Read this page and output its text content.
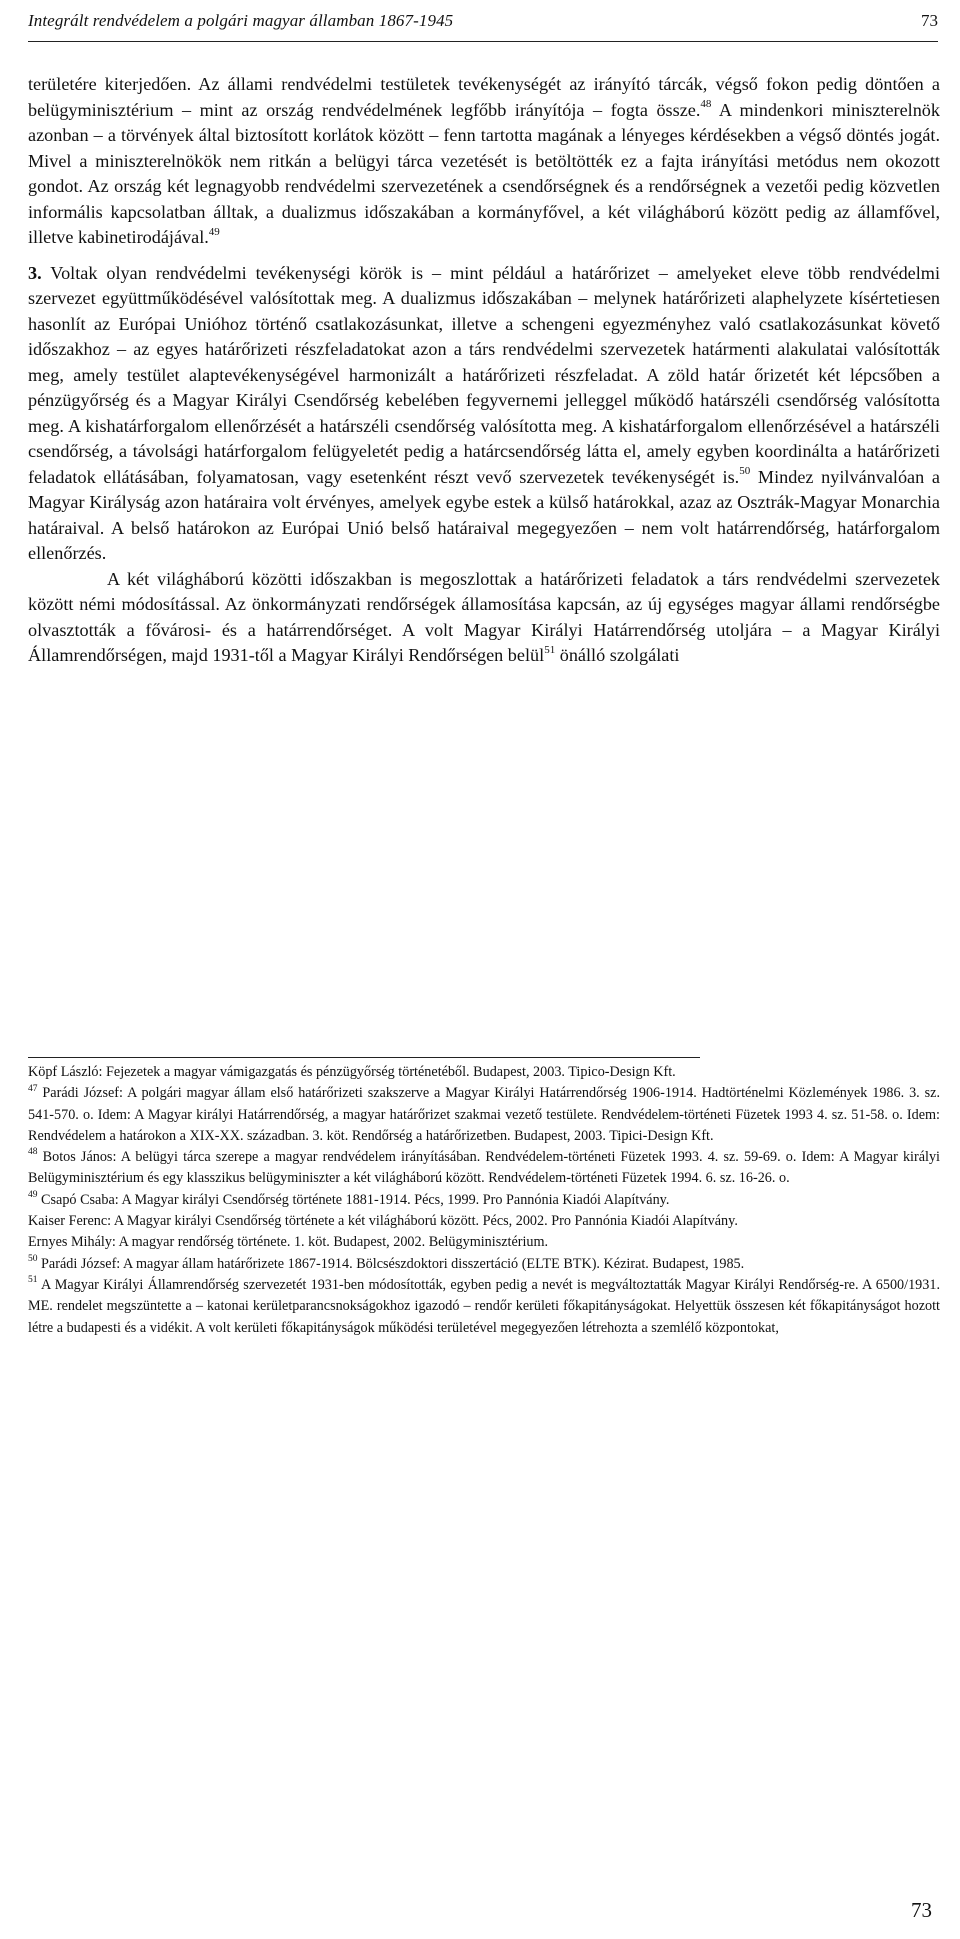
Integrált rendvédelem a polgári magyar államban 1867-1945	73

területére kiterjedően. Az állami rendvédelmi testületek tevékenységét az irányító tárcák, végső fokon pedig döntően a belügyminisztérium – mint az ország rendvédelmének legfőbb irányítója – fogta össze.$^{48}$ A mindenkori miniszterelnök azonban – a törvények által biztosított korlátok között – fenn tartotta magának a lényeges kérdésekben a végső döntés jogát. Mivel a miniszterelnökök nem ritkán a belügyi tárca vezetését is betöltötték ez a fajta irányítási metódus nem okozott gondot. Az ország két legnagyobb rendvédelmi szervezetének a csendőrségnek és a rendőrségnek a vezetői pedig közvetlen informális kapcsolatban álltak, a dualizmus időszakában a kormányfővel, a két világháború között pedig az államfővel, illetve kabinetirodájával.$^{49}$

3. Voltak olyan rendvédelmi tevékenységi körök is – mint például a határőrizet – amelyeket eleve több rendvédelmi szervezet együttműködésével valósítottak meg. A dualizmus időszakában – melynek határőrizeti alaphelyzete kísértetiesen hasonlít az Európai Unióhoz történő csatlakozásunkat, illetve a schengeni egyezményhez való csatlakozásunkat követő időszakhoz – az egyes határőrizeti részfeladatokat azon a társ rendvédelmi szervezetek határmenti alakulatai valósították meg, amely testület alaptevékenységével harmonizált a határőrizeti részfeladat. A zöld határ őrizetét két lépcsőben a pénzügyőrség és a Magyar Királyi Csendőrség kebelében fegyvernemi jelleggel működő határszéli csendőrség valósította meg. A kishatárforgalom ellenőrzését a határszéli csendőrség valósította meg. A kishatárforgalom ellenőrzésével a határszéli csendőrség, a távolsági határforgalom felügyeletét pedig a határcsendőrség látta el, amely egyben koordinálta a határőrizeti feladatok ellátásában, folyamatosan, vagy esetenként részt vevő szervezetek tevékenységét is.$^{50}$ Mindez nyilvánvalóan a Magyar Királyság azon határaira volt érvényes, amelyek egybe estek a külső határokkal, azaz az Osztrák-Magyar Monarchia határaival. A belső határokon az Európai Unió belső határaival megegyezően – nem volt határrendőrség, határforgalom ellenőrzés.

A két világháború közötti időszakban is megoszlottak a határőrizeti feladatok a társ rendvédelmi szervezetek között némi módosítással. Az önkormányzati rendőrségek államosítása kapcsán, az új egységes magyar állami rendőrségbe olvasztották a fővárosi- és a határrendőrséget. A volt Magyar Királyi Határrendőrség utoljára – a Magyar Királyi Államrendőrségen, majd 1931-től a Magyar Királyi Rendőrségen belül$^{51}$ önálló szolgálati

Köpf László: Fejezetek a magyar vámigazgatás és pénzügyőrség történetéből. Budapest, 2003. Tipico-Design Kft.

$^{47}$ Parádi József: A polgári magyar állam első határőrizeti szakszerve a Magyar Királyi Határrendőrség 1906-1914. Hadtörténelmi Közlemények 1986. 3. sz. 541-570. o. Idem: A Magyar királyi Határrendőrség, a magyar határőrizet szakmai vezető testülete. Rendvédelem-történeti Füzetek 1993 4. sz. 51-58. o. Idem: Rendvédelem a határokon a XIX-XX. században. 3. köt. Rendőrség a határőrizetben. Budapest, 2003. Tipici-Design Kft.

$^{48}$ Botos János: A belügyi tárca szerepe a magyar rendvédelem irányításában. Rendvédelem-történeti Füzetek 1993. 4. sz. 59-69. o. Idem: A Magyar királyi Belügyminisztérium és egy klasszikus belügyminiszter a két világháború között. Rendvédelem-történeti Füzetek 1994. 6. sz. 16-26. o.

$^{49}$ Csapó Csaba: A Magyar királyi Csendőrség története 1881-1914. Pécs, 1999. Pro Pannónia Kiadói Alapítvány.

Kaiser Ferenc: A Magyar királyi Csendőrség története a két világháború között. Pécs, 2002. Pro Pannónia Kiadói Alapítvány.

Ernyes Mihály: A magyar rendőrség története. 1. köt. Budapest, 2002. Belügyminisztérium.

$^{50}$ Parádi József: A magyar állam határőrizete 1867-1914. Bölcsészdoktori disszertáció (ELTE BTK). Kézirat. Budapest, 1985.

$^{51}$ A Magyar Királyi Államrendőrség szervezetét 1931-ben módosították, egyben pedig a nevét is megváltoztatták Magyar Királyi Rendőrség-re. A 6500/1931. ME. rendelet megszüntette a – katonai kerületparancsnokságokhoz igazodó – rendőr kerületi főkapitányságokat. Helyettük összesen két főkapitányságot hozott létre a budapesti és a vidékit. A volt kerületi főkapitányságok működési területével megegyezően létrehozta a szemlélő központokat,

73
